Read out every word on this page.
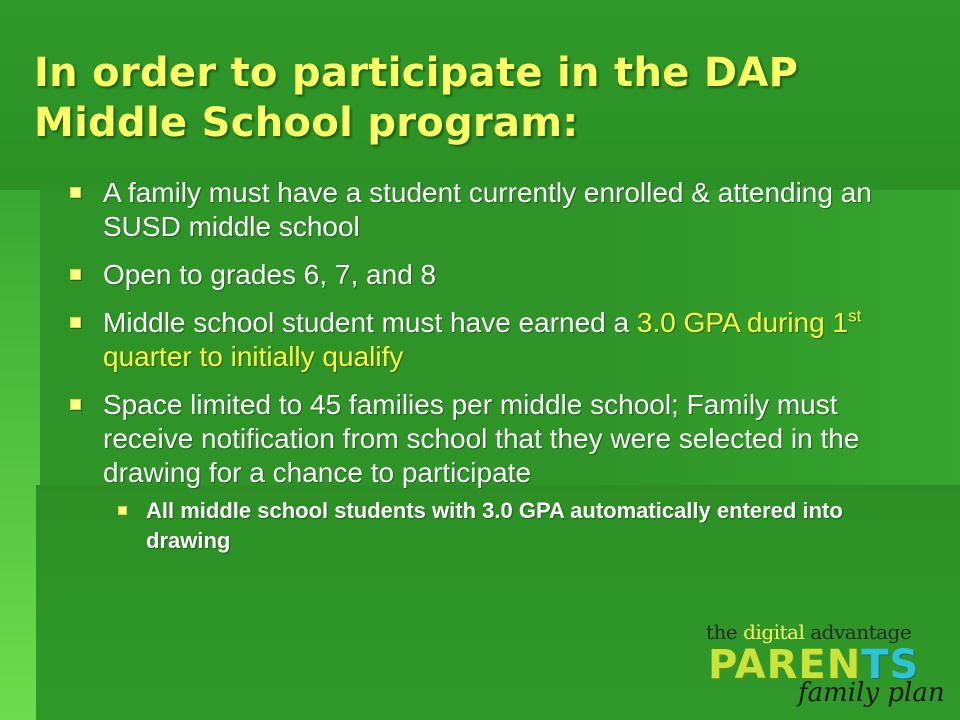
In order to participate in the DAP
Middle School program:
A family must have a student currently enrolled & attending an SUSD middle school
Open to grades 6, 7, and 8
Middle school student must have earned a 3.0 GPA during 1st quarter to initially qualify
Space limited to 45 families per middle school; Family must receive notification from school that they were selected in the drawing for a chance to participate
All middle school students with 3.0 GPA automatically entered into drawing
the digital advantage
PARENTS
family plan
